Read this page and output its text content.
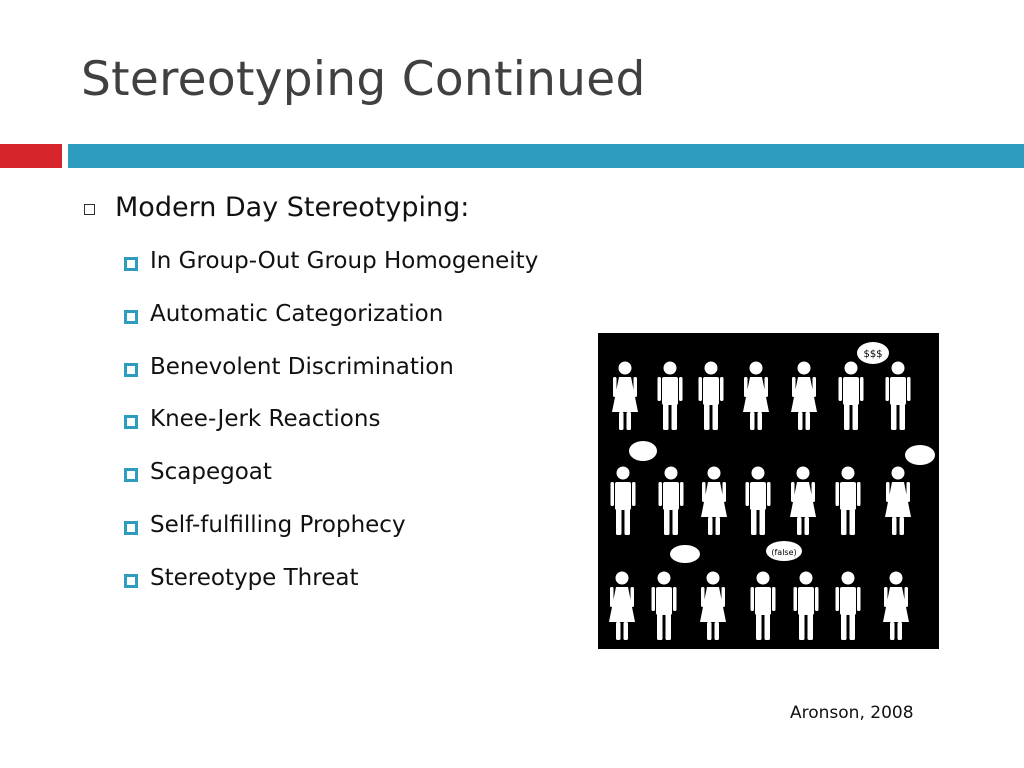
Stereotyping Continued
Modern Day Stereotyping:
In Group-Out Group Homogeneity
Automatic Categorization
Benevolent Discrimination
Knee-Jerk Reactions
Scapegoat
Self-fulfilling Prophecy
Stereotype Threat
$$$
(false)
Aronson, 2008
